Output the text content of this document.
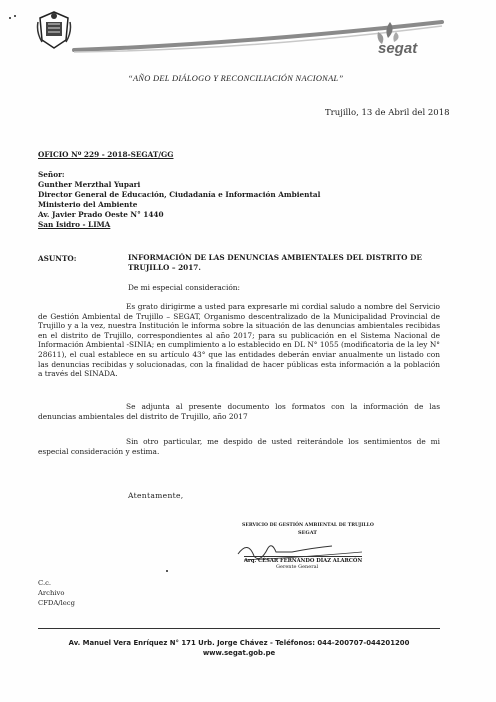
segat
“AÑO DEL DIÁLOGO Y RECONCILIACIÓN NACIONAL”
Trujillo, 13 de Abril del 2018
OFICIO Nº 229 - 2018-SEGAT/GG
Señor:
Gunther Merzthal Yupari
Director General de Educación, Ciudadanía e Información Ambiental
Ministerio del Ambiente
Av. Javier Prado Oeste N° 1440
San Isidro - LIMA
ASUNTO:	INFORMACIÓN DE LAS DENUNCIAS AMBIENTALES DEL DISTRITO DE TRUJILLO – 2017.
De mi especial consideración:
Es grato dirigirme a usted para expresarle mi cordial saludo a nombre del Servicio de Gestión Ambiental de Trujillo – SEGAT, Organismo descentralizado de la Municipalidad Provincial de Trujillo y a la vez, nuestra Institución le informa sobre la situación de las denuncias ambientales recibidas en el distrito de Trujillo, correspondientes al año 2017; para su publicación en el Sistema Nacional de Información Ambiental -SINIA; en cumplimiento a lo establecido en DL N° 1055 (modificatoria de la ley N° 28611), el cual establece en su artículo 43° que las entidades deberán enviar anualmente un listado con las denuncias recibidas y solucionadas, con la finalidad de hacer públicas esta información a la población a través del SINADA.
Se adjunta al presente documento los formatos con la información de las denuncias ambientales del distrito de Trujillo, año 2017
Sin otro particular, me despido de usted reiterándole los sentimientos de mi especial consideración y estima.
Atentamente,
SERVICIO DE GESTIÓN AMBIENTAL DE TRUJILLO
SEGAT
Arq. CÉSAR FERNANDO DÍAZ ALARCÓN
Gerente General
C.c.
Archivo
CFDA/lecg
Av. Manuel Vera Enríquez N° 171 Urb. Jorge Chávez - Teléfonos: 044-200707-044201200
www.segat.gob.pe
